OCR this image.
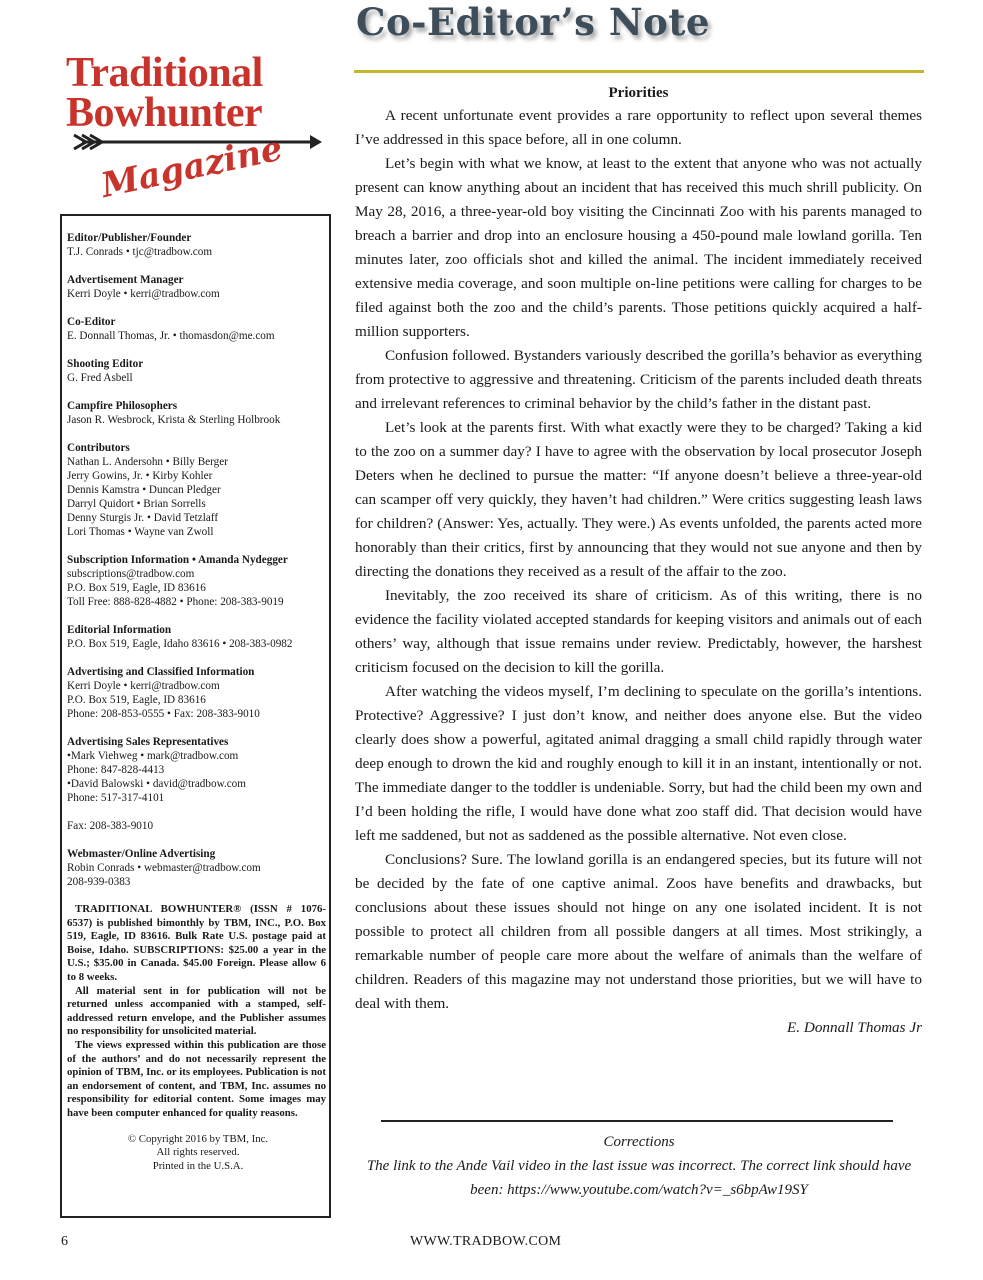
Co-Editor’s Note
Traditional
Bowhunter
Magazine
Editor/Publisher/Founder
T.J. Conrads • tjc@tradbow.com
Advertisement Manager
Kerri Doyle • kerri@tradbow.com
Co-Editor
E. Donnall Thomas, Jr. • thomasdon@me.com
Shooting Editor
G. Fred Asbell
Campfire Philosophers
Jason R. Wesbrock, Krista & Sterling Holbrook
Contributors
Nathan L. Andersohn • Billy Berger
Jerry Gowins, Jr. • Kirby Kohler
Dennis Kamstra • Duncan Pledger
Darryl Quidort • Brian Sorrells
Denny Sturgis Jr. • David Tetzlaff
Lori Thomas • Wayne van Zwoll
Subscription Information • Amanda Nydegger
subscriptions@tradbow.com
P.O. Box 519, Eagle, ID 83616
Toll Free: 888-828-4882 • Phone: 208-383-9019
Editorial Information
P.O. Box 519, Eagle, Idaho 83616 • 208-383-0982
Advertising and Classified Information
Kerri Doyle • kerri@tradbow.com
P.O. Box 519, Eagle, ID 83616
Phone: 208-853-0555 • Fax: 208-383-9010
Advertising Sales Representatives
•Mark Viehweg • mark@tradbow.com
Phone: 847-828-4413
•David Balowski • david@tradbow.com
Phone: 517-317-4101
Fax: 208-383-9010
Webmaster/Online Advertising
Robin Conrads • webmaster@tradbow.com
208-939-0383

TRADITIONAL BOWHUNTER® (ISSN # 1076-6537) is published bimonthly by TBM, INC., P.O. Box 519, Eagle, ID 83616. Bulk Rate U.S. postage paid at Boise, Idaho. SUBSCRIPTIONS: $25.00 a year in the U.S.; $35.00 in Canada. $45.00 Foreign. Please allow 6 to 8 weeks.

All material sent in for publication will not be returned unless accompanied with a stamped, self-addressed return envelope, and the Publisher assumes no responsibility for unsolicited material.

The views expressed within this publication are those of the authors’ and do not necessarily represent the opinion of TBM, Inc. or its employees. Publication is not an endorsement of content, and TBM, Inc. assumes no responsibility for editorial content. Some images may have been computer enhanced for quality reasons.

© Copyright 2016 by TBM, Inc.
All rights reserved.
Printed in the U.S.A.
Priorities

A recent unfortunate event provides a rare opportunity to reflect upon several themes I’ve addressed in this space before, all in one column.

Let’s begin with what we know, at least to the extent that anyone who was not actually present can know anything about an incident that has received this much shrill publicity. On May 28, 2016, a three-year-old boy visiting the Cincinnati Zoo with his parents managed to breach a barrier and drop into an enclosure housing a 450-pound male lowland gorilla. Ten minutes later, zoo officials shot and killed the animal. The incident immediately received extensive media coverage, and soon multiple on-line petitions were calling for charges to be filed against both the zoo and the child’s parents. Those petitions quickly acquired a half-million supporters.

Confusion followed. Bystanders variously described the gorilla’s behavior as everything from protective to aggressive and threatening. Criticism of the parents included death threats and irrelevant references to criminal behavior by the child’s father in the distant past.

Let’s look at the parents first. With what exactly were they to be charged? Taking a kid to the zoo on a summer day? I have to agree with the observation by local prosecutor Joseph Deters when he declined to pursue the matter: “If anyone doesn’t believe a three-year-old can scamper off very quickly, they haven’t had children.” Were critics suggesting leash laws for children? (Answer: Yes, actually. They were.) As events unfolded, the parents acted more honorably than their critics, first by announcing that they would not sue anyone and then by directing the donations they received as a result of the affair to the zoo.

Inevitably, the zoo received its share of criticism. As of this writing, there is no evidence the facility violated accepted standards for keeping visitors and animals out of each others’ way, although that issue remains under review. Predictably, however, the harshest criticism focused on the decision to kill the gorilla.

After watching the videos myself, I’m declining to speculate on the gorilla’s intentions. Protective? Aggressive? I just don’t know, and neither does anyone else. But the video clearly does show a powerful, agitated animal dragging a small child rapidly through water deep enough to drown the kid and roughly enough to kill it in an instant, intentionally or not. The immediate danger to the toddler is undeniable. Sorry, but had the child been my own and I’d been holding the rifle, I would have done what zoo staff did. That decision would have left me saddened, but not as saddened as the possible alternative. Not even close.

Conclusions? Sure. The lowland gorilla is an endangered species, but its future will not be decided by the fate of one captive animal. Zoos have benefits and drawbacks, but conclusions about these issues should not hinge on any one isolated incident. It is not possible to protect all children from all possible dangers at all times. Most strikingly, a remarkable number of people care more about the welfare of animals than the welfare of children. Readers of this magazine may not understand those priorities, but we will have to deal with them.

E. Donnall Thomas Jr
Corrections
The link to the Ande Vail video in the last issue was incorrect. The correct link should have been: https://www.youtube.com/watch?v=_s6bpAw19SY
6	WWW.TRADBOW.COM
